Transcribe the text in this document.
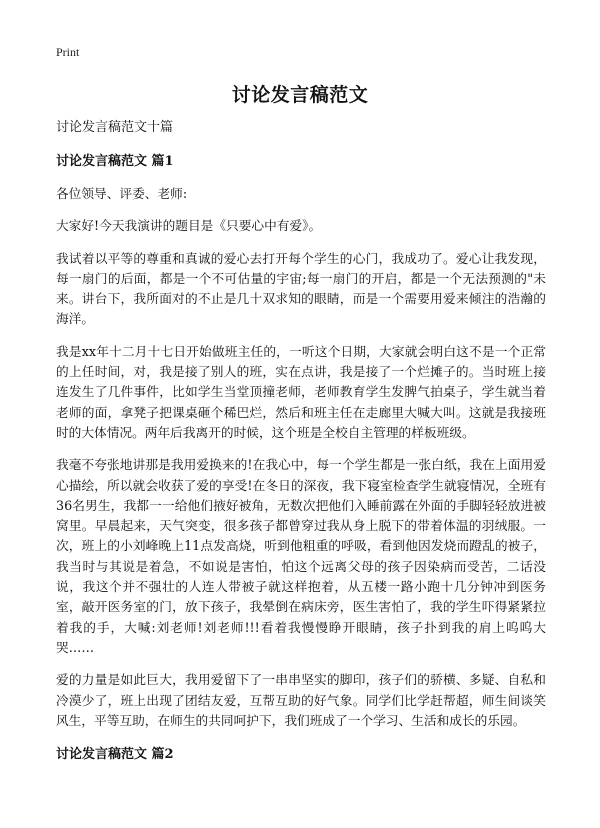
Print
讨论发言稿范文

讨论发言稿范文十篇

讨论发言稿范文 篇1

各位领导、评委、老师:

大家好!今天我演讲的题目是《只要心中有爱》。

我试着以平等的尊重和真诚的爱心去打开每个学生的心门，我成功了。爱心让我发现，每一扇门的后面，都是一个不可估量的宇宙;每一扇门的开启，都是一个无法预测的"未来。讲台下，我所面对的不止是几十双求知的眼睛，而是一个需要用爱来倾注的浩瀚的海洋。

我是xx年十二月十七日开始做班主任的，一听这个日期，大家就会明白这不是一个正常的上任时间，对，我是接了别人的班，实在点讲，我是接了一个烂摊子的。当时班上接连发生了几件事件，比如学生当堂顶撞老师，老师教育学生发脾气拍桌子，学生就当着老师的面，拿凳子把课桌砸个稀巴烂，然后和班主任在走廊里大喊大叫。这就是我接班时的大体情况。两年后我离开的时候，这个班是全校自主管理的样板班级。

我毫不夸张地讲那是我用爱换来的!在我心中，每一个学生都是一张白纸，我在上面用爱心描绘，所以就会收获了爱的享受!在冬日的深夜，我下寝室检查学生就寝情况，全班有36名男生，我都一一给他们掖好被角，无数次把他们入睡前露在外面的手脚轻轻放进被窝里。早晨起来，天气突变，很多孩子都曾穿过我从身上脱下的带着体温的羽绒服。一次，班上的小刘峰晚上11点发高烧，听到他粗重的呼吸，看到他因发烧而蹬乱的被子，我当时与其说是着急，不如说是害怕，怕这个远离父母的孩子因染病而受苦，二话没说，我这个并不强壮的人连人带被子就这样抱着，从五楼一路小跑十几分钟冲到医务室，敲开医务室的门，放下孩子，我晕倒在病床旁，医生害怕了，我的学生吓得紧紧拉着我的手，大喊:刘老师!刘老师!!!看着我慢慢睁开眼睛，孩子扑到我的肩上呜呜大哭……

爱的力量是如此巨大，我用爱留下了一串串坚实的脚印，孩子们的骄横、多疑、自私和冷漠少了，班上出现了团结友爱，互帮互助的好气象。同学们比学赶帮超，师生间谈笑风生，平等互助，在师生的共同呵护下，我们班成了一个学习、生活和成长的乐园。

讨论发言稿范文 篇2
